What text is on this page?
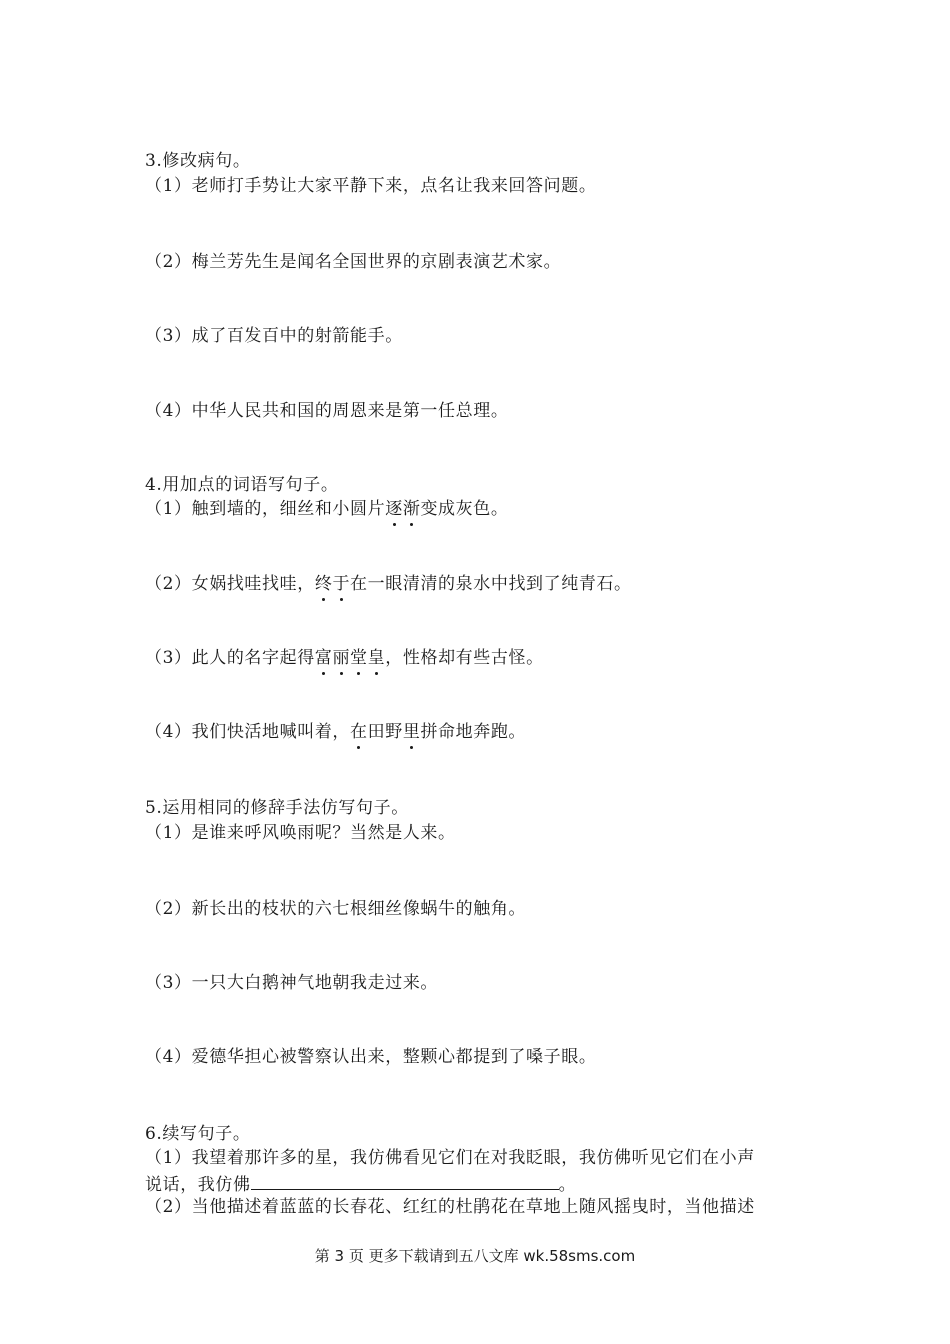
3.修改病句。
（1）老师打手势让大家平静下来，点名让我来回答问题。
（2）梅兰芳先生是闻名全国世界的京剧表演艺术家。
（3）成了百发百中的射箭能手。
（4）中华人民共和国的周恩来是第一任总理。
4.用加点的词语写句子。
（1）触到墙的，细丝和小圆片逐渐变成灰色。
（2）女娲找哇找哇，终于在一眼清清的泉水中找到了纯青石。
（3）此人的名字起得富丽堂皇，性格却有些古怪。
（4）我们快活地喊叫着，在田野里拼命地奔跑。
5.运用相同的修辞手法仿写句子。
（1）是谁来呼风唤雨呢？当然是人来。
（2）新长出的枝状的六七根细丝像蜗牛的触角。
（3）一只大白鹅神气地朝我走过来。
（4）爱德华担心被警察认出来，整颗心都提到了嗓子眼。
6.续写句子。
（1）我望着那许多的星，我仿佛看见它们在对我眨眼，我仿佛听见它们在小声
说话，我仿佛	。
（2）当他描述着蓝蓝的长春花、红红的杜鹃花在草地上随风摇曳时，当他描述
第 3 页 更多下载请到五八文库 wk.58sms.com
